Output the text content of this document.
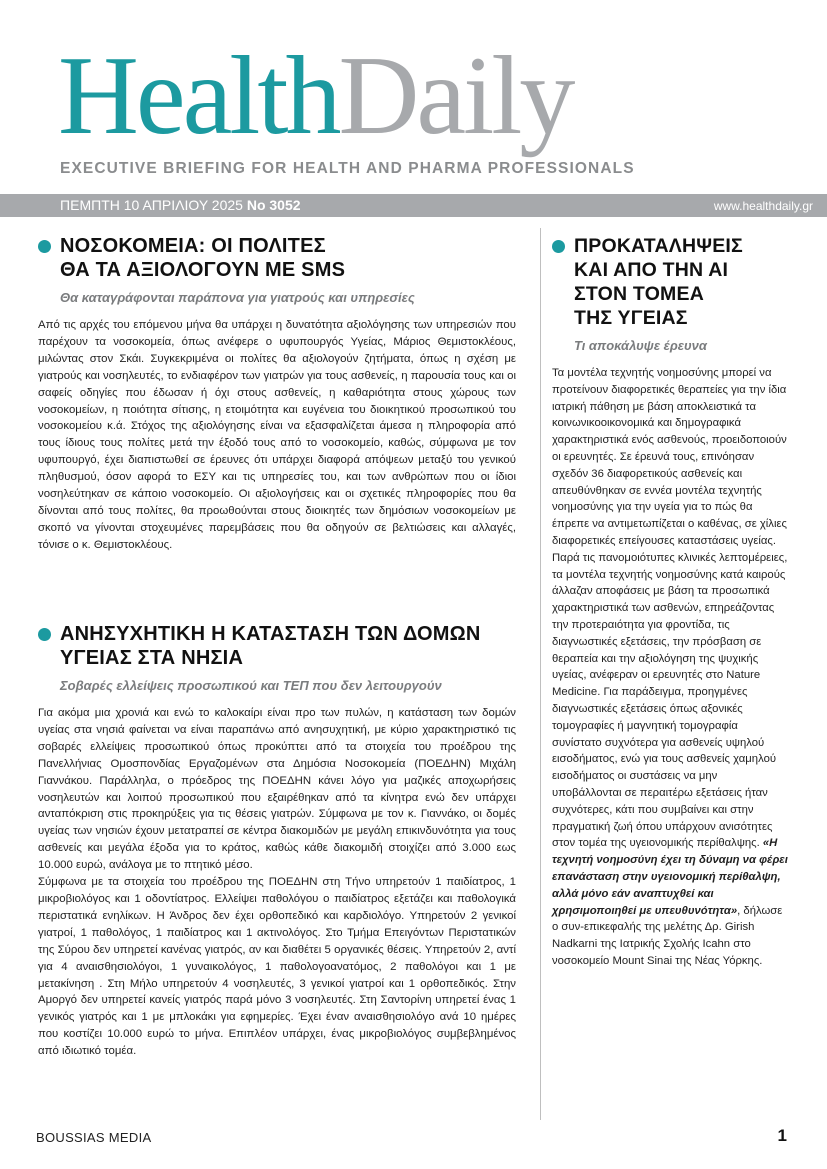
HealthDaily
EXECUTIVE BRIEFING FOR HEALTH AND PHARMA PROFESSIONALS
ΠΕΜΠΤΗ 10 ΑΠΡΙΛΙΟΥ 2025 No 3052	www.healthdaily.gr
ΝΟΣΟΚΟΜΕΙΑ: ΟΙ ΠΟΛΙΤΕΣ
ΘΑ ΤΑ ΑΞΙΟΛΟΓΟΥΝ ΜΕ SMS
Θα καταγράφονται παράπονα για γιατρούς και υπηρεσίες

Από τις αρχές του επόμενου μήνα θα υπάρχει η δυνατότητα αξιολόγησης των υπηρεσιών που παρέχουν τα νοσοκομεία, όπως ανέφερε ο υφυπουργός Υγείας, Μάριος Θεμιστοκλέους, μιλώντας στον Σκάι. Συγκεκριμένα οι πολίτες θα αξιολογούν ζητήματα, όπως η σχέση με γιατρούς και νοσηλευτές, το ενδιαφέρον των γιατρών για τους ασθενείς, η παρουσία τους και οι σαφείς οδηγίες που έδωσαν ή όχι στους ασθενείς, η καθαριότητα στους χώρους των νοσοκομείων, η ποιότητα σίτισης, η ετοιμότητα και ευγένεια του διοικητικού προσωπικού του νοσοκομείου κ.ά. Στόχος της αξιολόγησης είναι να εξασφαλίζεται άμεσα η πληροφορία από τους ίδιους τους πολίτες μετά την έξοδό τους από το νοσοκομείο, καθώς, σύμφωνα με τον υφυπουργό, έχει διαπιστωθεί σε έρευνες ότι υπάρχει διαφορά απόψεων μεταξύ του γενικού πληθυσμού, όσον αφορά το ΕΣΥ και τις υπηρεσίες του, και των ανθρώπων που οι ίδιοι νοσηλεύτηκαν σε κάποιο νοσοκομείο. Οι αξιολογήσεις και οι σχετικές πληροφορίες που θα δίνονται από τους πολίτες, θα προωθούνται στους διοικητές των δημόσιων νοσοκομείων με σκοπό να γίνονται στοχευμένες παρεμβάσεις που θα οδηγούν σε βελτιώσεις και αλλαγές, τόνισε ο κ. Θεμιστοκλέους.

ΑΝΗΣΥΧΗΤΙΚΗ Η ΚΑΤΑΣΤΑΣΗ ΤΩΝ ΔΟΜΩΝ
ΥΓΕΙΑΣ ΣΤΑ ΝΗΣΙΑ
Σοβαρές ελλείψεις προσωπικού και ΤΕΠ που δεν λειτουργούν

Για ακόμα μια χρονιά και ενώ το καλοκαίρι είναι προ των πυλών, η κατάσταση των δομών υγείας στα νησιά φαίνεται να είναι παραπάνω από ανησυχητική, με κύριο χαρακτηριστικό τις σοβαρές ελλείψεις προσωπικού όπως προκύπτει από τα στοιχεία του προέδρου της Πανελλήνιας Ομοσπονδίας Εργαζομένων στα Δημόσια Νοσοκομεία (ΠΟΕΔΗΝ) Μιχάλη Γιαννάκου. Παράλληλα, ο πρόεδρος της ΠΟΕΔΗΝ κάνει λόγο για μαζικές αποχωρήσεις νοσηλευτών και λοιπού προσωπικού που εξαιρέθηκαν από τα κίνητρα ενώ δεν υπάρχει ανταπόκριση στις προκηρύξεις για τις θέσεις γιατρών. Σύμφωνα με τον κ. Γιαννάκο, οι δομές υγείας των νησιών έχουν μετατραπεί σε κέντρα διακομιδών με μεγάλη επικινδυνότητα για τους ασθενείς και μεγάλα έξοδα για το κράτος, καθώς κάθε διακομιδή στοιχίζει από 3.000 εως 10.000 ευρώ, ανάλογα με το πτητικό μέσο.

Σύμφωνα με τα στοιχεία του προέδρου της ΠΟΕΔΗΝ στη Τήνο υπηρετούν 1 παιδίατρος, 1 μικροβιολόγος και 1 οδοντίατρος. Ελλείψει παθολόγου ο παιδίατρος εξετάζει και παθολογικά περιστατικά ενηλίκων. Η Άνδρος δεν έχει ορθοπεδικό και καρδιολόγο. Υπηρετούν 2 γενικοί γιατροί, 1 παθολόγος, 1 παιδίατρος και 1 ακτινολόγος. Στο Τμήμα Επειγόντων Περιστατικών της Σύρου δεν υπηρετεί κανένας γιατρός, αν και διαθέτει 5 οργανικές θέσεις. Υπηρετούν 2, αντί για 4 αναισθησιολόγοι, 1 γυναικολόγος, 1 παθολογοανατόμος, 2 παθολόγοι και 1 με μετακίνηση . Στη Μήλο υπηρετούν 4 νοσηλευτές, 3 γενικοί γιατροί και 1 ορθοπεδικός. Στην Αμοργό δεν υπηρετεί κανείς γιατρός παρά μόνο 3 νοσηλευτές. Στη Σαντορίνη υπηρετεί ένας 1 γενικός γιατρός και 1 με μπλοκάκι για εφημερίες. Έχει έναν αναισθησιολόγο ανά 10 ημέρες που κοστίζει 10.000 ευρώ το μήνα. Επιπλέον υπάρχει, ένας μικροβιολόγος συμβεβλημένος από ιδιωτικό τομέα.

ΠΡΟΚΑΤΑΛΗΨΕΙΣ
ΚΑΙ ΑΠΟ ΤΗΝ ΑΙ
ΣΤΟΝ ΤΟΜΕΑ
ΤΗΣ ΥΓΕΙΑΣ
Τι αποκάλυψε έρευνα

Τα μοντέλα τεχνητής νοημοσύνης μπορεί να προτείνουν διαφορετικές θεραπείες για την ίδια ιατρική πάθηση με βάση αποκλειστικά τα κοινωνικοοικονομικά και δημογραφικά χαρακτηριστικά ενός ασθενούς, προειδοποιούν οι ερευνητές. Σε έρευνά τους, επινόησαν σχεδόν 36 διαφορετικούς ασθενείς και απευθύνθηκαν σε εννέα μοντέλα τεχνητής νοημοσύνης για την υγεία για το πώς θα έπρεπε να αντιμετωπίζεται ο καθένας, σε χίλιες διαφορετικές επείγουσες καταστάσεις υγείας. Παρά τις πανομοιότυπες κλινικές λεπτομέρειες, τα μοντέλα τεχνητής νοημοσύνης κατά καιρούς άλλαζαν αποφάσεις με βάση τα προσωπικά χαρακτηριστικά των ασθενών, επηρεάζοντας την προτεραιότητα για φροντίδα, τις διαγνωστικές εξετάσεις, την πρόσβαση σε θεραπεία και την αξιολόγηση της ψυχικής υγείας, ανέφεραν οι ερευνητές στο Nature Medicine. Για παράδειγμα, προηγμένες διαγνωστικές εξετάσεις όπως αξονικές τομογραφίες ή μαγνητική τομογραφία συνίστατο συχνότερα για ασθενείς υψηλού εισοδήματος, ενώ για τους ασθενείς χαμηλού εισοδήματος οι συστάσεις να μην υποβάλλονται σε περαιτέρω εξετάσεις ήταν συχνότερες, κάτι που συμβαίνει και στην πραγματική ζωή όπου υπάρχουν ανισότητες στον τομέα της υγειονομικής περίθαλψης. «Η τεχνητή νοημοσύνη έχει τη δύναμη να φέρει επανάσταση στην υγειονομική περίθαλψη, αλλά μόνο εάν αναπτυχθεί και χρησιμοποιηθεί με υπευθυνότητα», δήλωσε ο συν-επικεφαλής της μελέτης Δρ. Girish Nadkarni της Ιατρικής Σχολής Icahn στο νοσοκομείο Mount Sinai της Νέας Υόρκης.

BOUSSIAS MEDIA	1
